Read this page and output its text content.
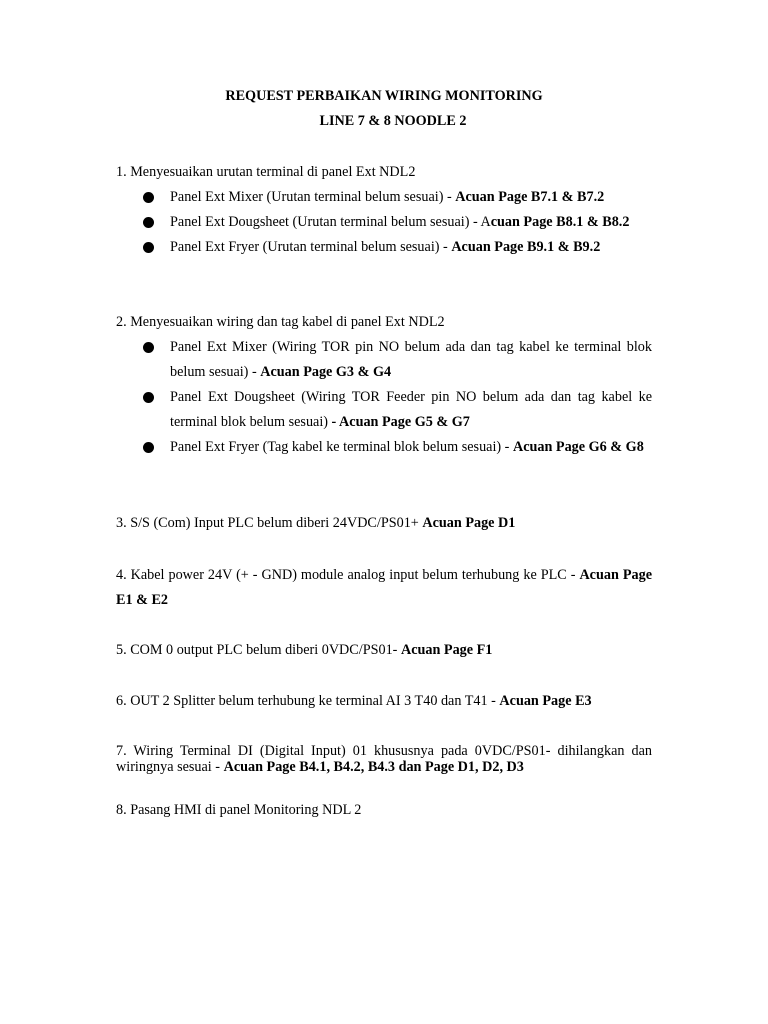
REQUEST PERBAIKAN WIRING MONITORING
LINE 7 & 8 NOODLE 2
1. Menyesuaikan urutan terminal di panel Ext NDL2
Panel Ext Mixer (Urutan terminal belum sesuai) - Acuan Page B7.1 & B7.2
Panel Ext Dougsheet (Urutan terminal belum sesuai) - Acuan Page B8.1 & B8.2
Panel Ext Fryer (Urutan terminal belum sesuai) - Acuan Page B9.1 & B9.2
2. Menyesuaikan wiring dan tag kabel di panel Ext NDL2
Panel Ext Mixer (Wiring TOR pin NO belum ada dan tag kabel ke terminal blok belum sesuai) - Acuan Page G3 & G4
Panel Ext Dougsheet (Wiring TOR Feeder pin NO belum ada dan tag kabel ke terminal blok belum sesuai) - Acuan Page G5 & G7
Panel Ext Fryer (Tag kabel ke terminal blok belum sesuai) - Acuan Page G6 & G8
3. S/S (Com) Input PLC belum diberi 24VDC/PS01+ Acuan Page D1
4. Kabel power 24V (+ - GND) module analog input belum terhubung ke PLC - Acuan Page E1 & E2
5. COM 0 output PLC belum diberi 0VDC/PS01- Acuan Page F1
6. OUT 2 Splitter belum terhubung ke terminal AI 3 T40 dan T41 - Acuan Page E3
7. Wiring Terminal DI (Digital Input) 01 khususnya pada 0VDC/PS01- dihilangkan dan wiringnya sesuai - Acuan Page B4.1, B4.2, B4.3 dan Page D1, D2, D3
8. Pasang HMI di panel Monitoring NDL 2
